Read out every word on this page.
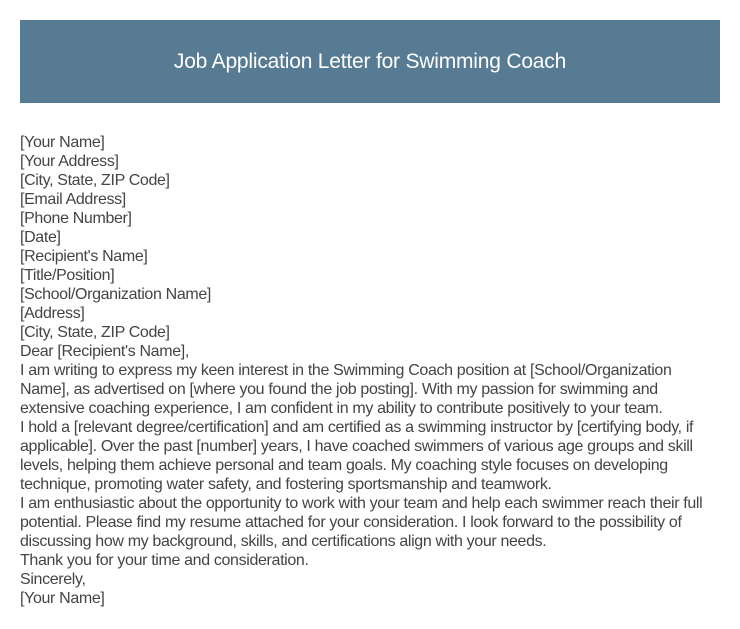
Job Application Letter for Swimming Coach

[Your Name]

[Your Address]

[City, State, ZIP Code]

[Email Address]

[Phone Number]

[Date]

[Recipient's Name]

[Title/Position]

[School/Organization Name]

[Address]

[City, State, ZIP Code]

Dear [Recipient's Name],

I am writing to express my keen interest in the Swimming Coach position at [School/Organization Name], as advertised on [where you found the job posting]. With my passion for swimming and extensive coaching experience, I am confident in my ability to contribute positively to your team.

I hold a [relevant degree/certification] and am certified as a swimming instructor by [certifying body, if applicable]. Over the past [number] years, I have coached swimmers of various age groups and skill levels, helping them achieve personal and team goals. My coaching style focuses on developing technique, promoting water safety, and fostering sportsmanship and teamwork.

I am enthusiastic about the opportunity to work with your team and help each swimmer reach their full potential. Please find my resume attached for your consideration. I look forward to the possibility of discussing how my background, skills, and certifications align with your needs.

Thank you for your time and consideration.

Sincerely,

[Your Name]
